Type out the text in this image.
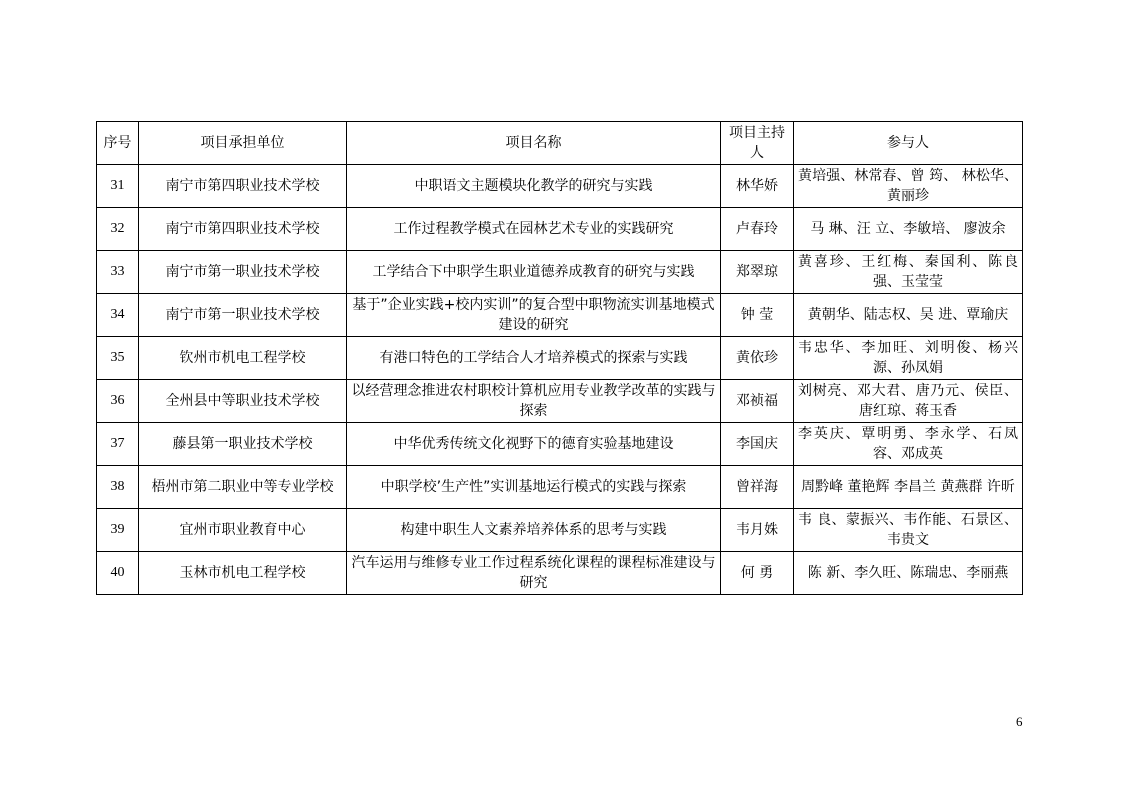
序号	项目承担单位	项目名称	项目主持人	参与人
31	南宁市第四职业技术学校	中职语文主题模块化教学的研究与实践	林华娇	黄培强、林常春、曾 筠、 林松华、黄丽珍
32	南宁市第四职业技术学校	工作过程教学模式在园林艺术专业的实践研究	卢春玲	马 琳、汪 立、李敏培、 廖波余
33	南宁市第一职业技术学校	工学结合下中职学生职业道德养成教育的研究与实践	郑翠琼	黄喜珍、王红梅、秦国利、陈良强、玉莹莹
34	南宁市第一职业技术学校	基于”企业实践+校内实训”的复合型中职物流实训基地模式建设的研究	钟 莹	黄朝华、陆志权、吴 进、覃瑜庆
35	钦州市机电工程学校	有港口特色的工学结合人才培养模式的探索与实践	黄依珍	韦忠华、李加旺、刘明俊、杨兴源、孙凤娟
36	全州县中等职业技术学校	以经营理念推进农村职校计算机应用专业教学改革的实践与探索	邓祯福	刘树亮、邓大君、唐乃元、侯臣、唐红琼、蒋玉香
37	藤县第一职业技术学校	中华优秀传统文化视野下的德育实验基地建设	李国庆	李英庆、覃明勇、李永学、石凤容、邓成英
38	梧州市第二职业中等专业学校	中职学校’生产性”实训基地运行模式的实践与探索	曾祥海	周黔峰 董艳辉 李昌兰 黄燕群 许昕
39	宜州市职业教育中心	构建中职生人文素养培养体系的思考与实践	韦月姝	韦 良、蒙振兴、韦作能、石景区、韦贵文
40	玉林市机电工程学校	汽车运用与维修专业工作过程系统化课程的课程标准建设与研究	何 勇	陈 新、李久旺、陈瑞忠、李丽燕
6
